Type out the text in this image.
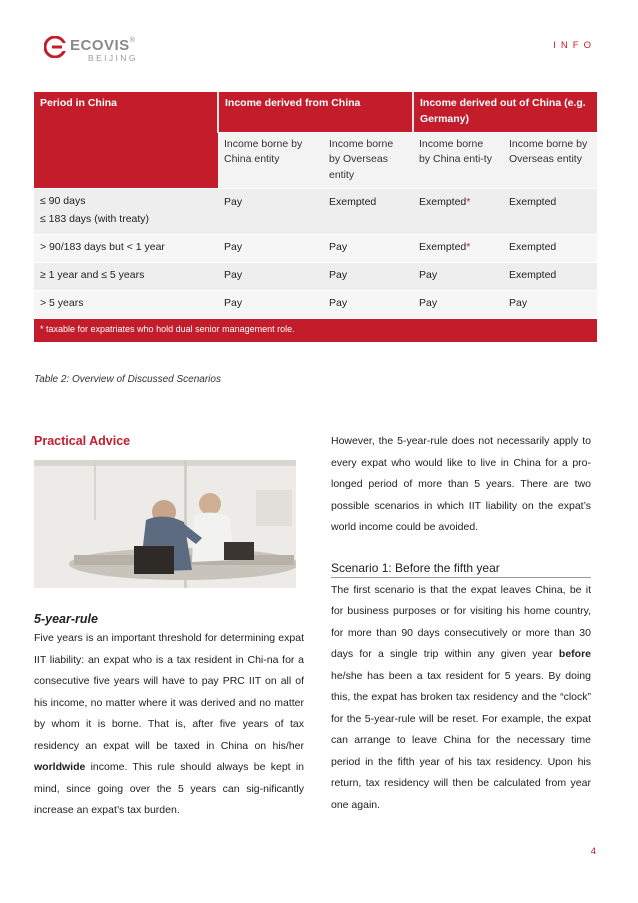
ECOVIS®
BEIJING
INFO
Period in China	Income derived from China		Income derived out of China (e.g. Germany)	
	Income borne by China entity	Income borne by Overseas entity	Income borne by China enti-ty	Income borne by Overseas entity
≤ 90 days	Pay	Exempted	Exempted*	Exempted
≤ 183 days (with treaty)				
> 90/183 days but < 1 year	Pay	Pay	Exempted*	Exempted
≥ 1 year and ≤ 5 years	Pay	Pay	Pay	Exempted
> 5 years	Pay	Pay	Pay	Pay
* taxable for expatriates who hold dual senior management role.				
Table 2: Overview of Discussed Scenarios
Practical Advice
5-year-rule

Five years is an important threshold for determining expat IIT liability: an expat who is a tax resident in Chi-na for a consecutive five years will have to pay PRC IIT on all of his income, no matter where it was derived and no matter by whom it is borne. That is, after five years of tax residency an expat will be taxed in China on his/her worldwide income. This rule should always be kept in mind, since going over the 5 years can sig-nificantly increase an expat’s tax burden.

However, the 5-year-rule does not necessarily apply to every expat who would like to live in China for a pro-longed period of more than 5 years. There are two possible scenarios in which IIT liability on the expat’s world income could be avoided.

Scenario 1: Before the fifth year

The first scenario is that the expat leaves China, be it for business purposes or for visiting his home country, for more than 90 days consecutively or more than 30 days for a single trip within any given year before he/she has been a tax resident for 5 years. By doing this, the expat has broken tax residency and the “clock” for the 5-year-rule will be reset. For example, the expat can arrange to leave China for the necessary time period in the fifth year of his tax residency. Upon his return, tax residency will then be calculated from year one again.

4
